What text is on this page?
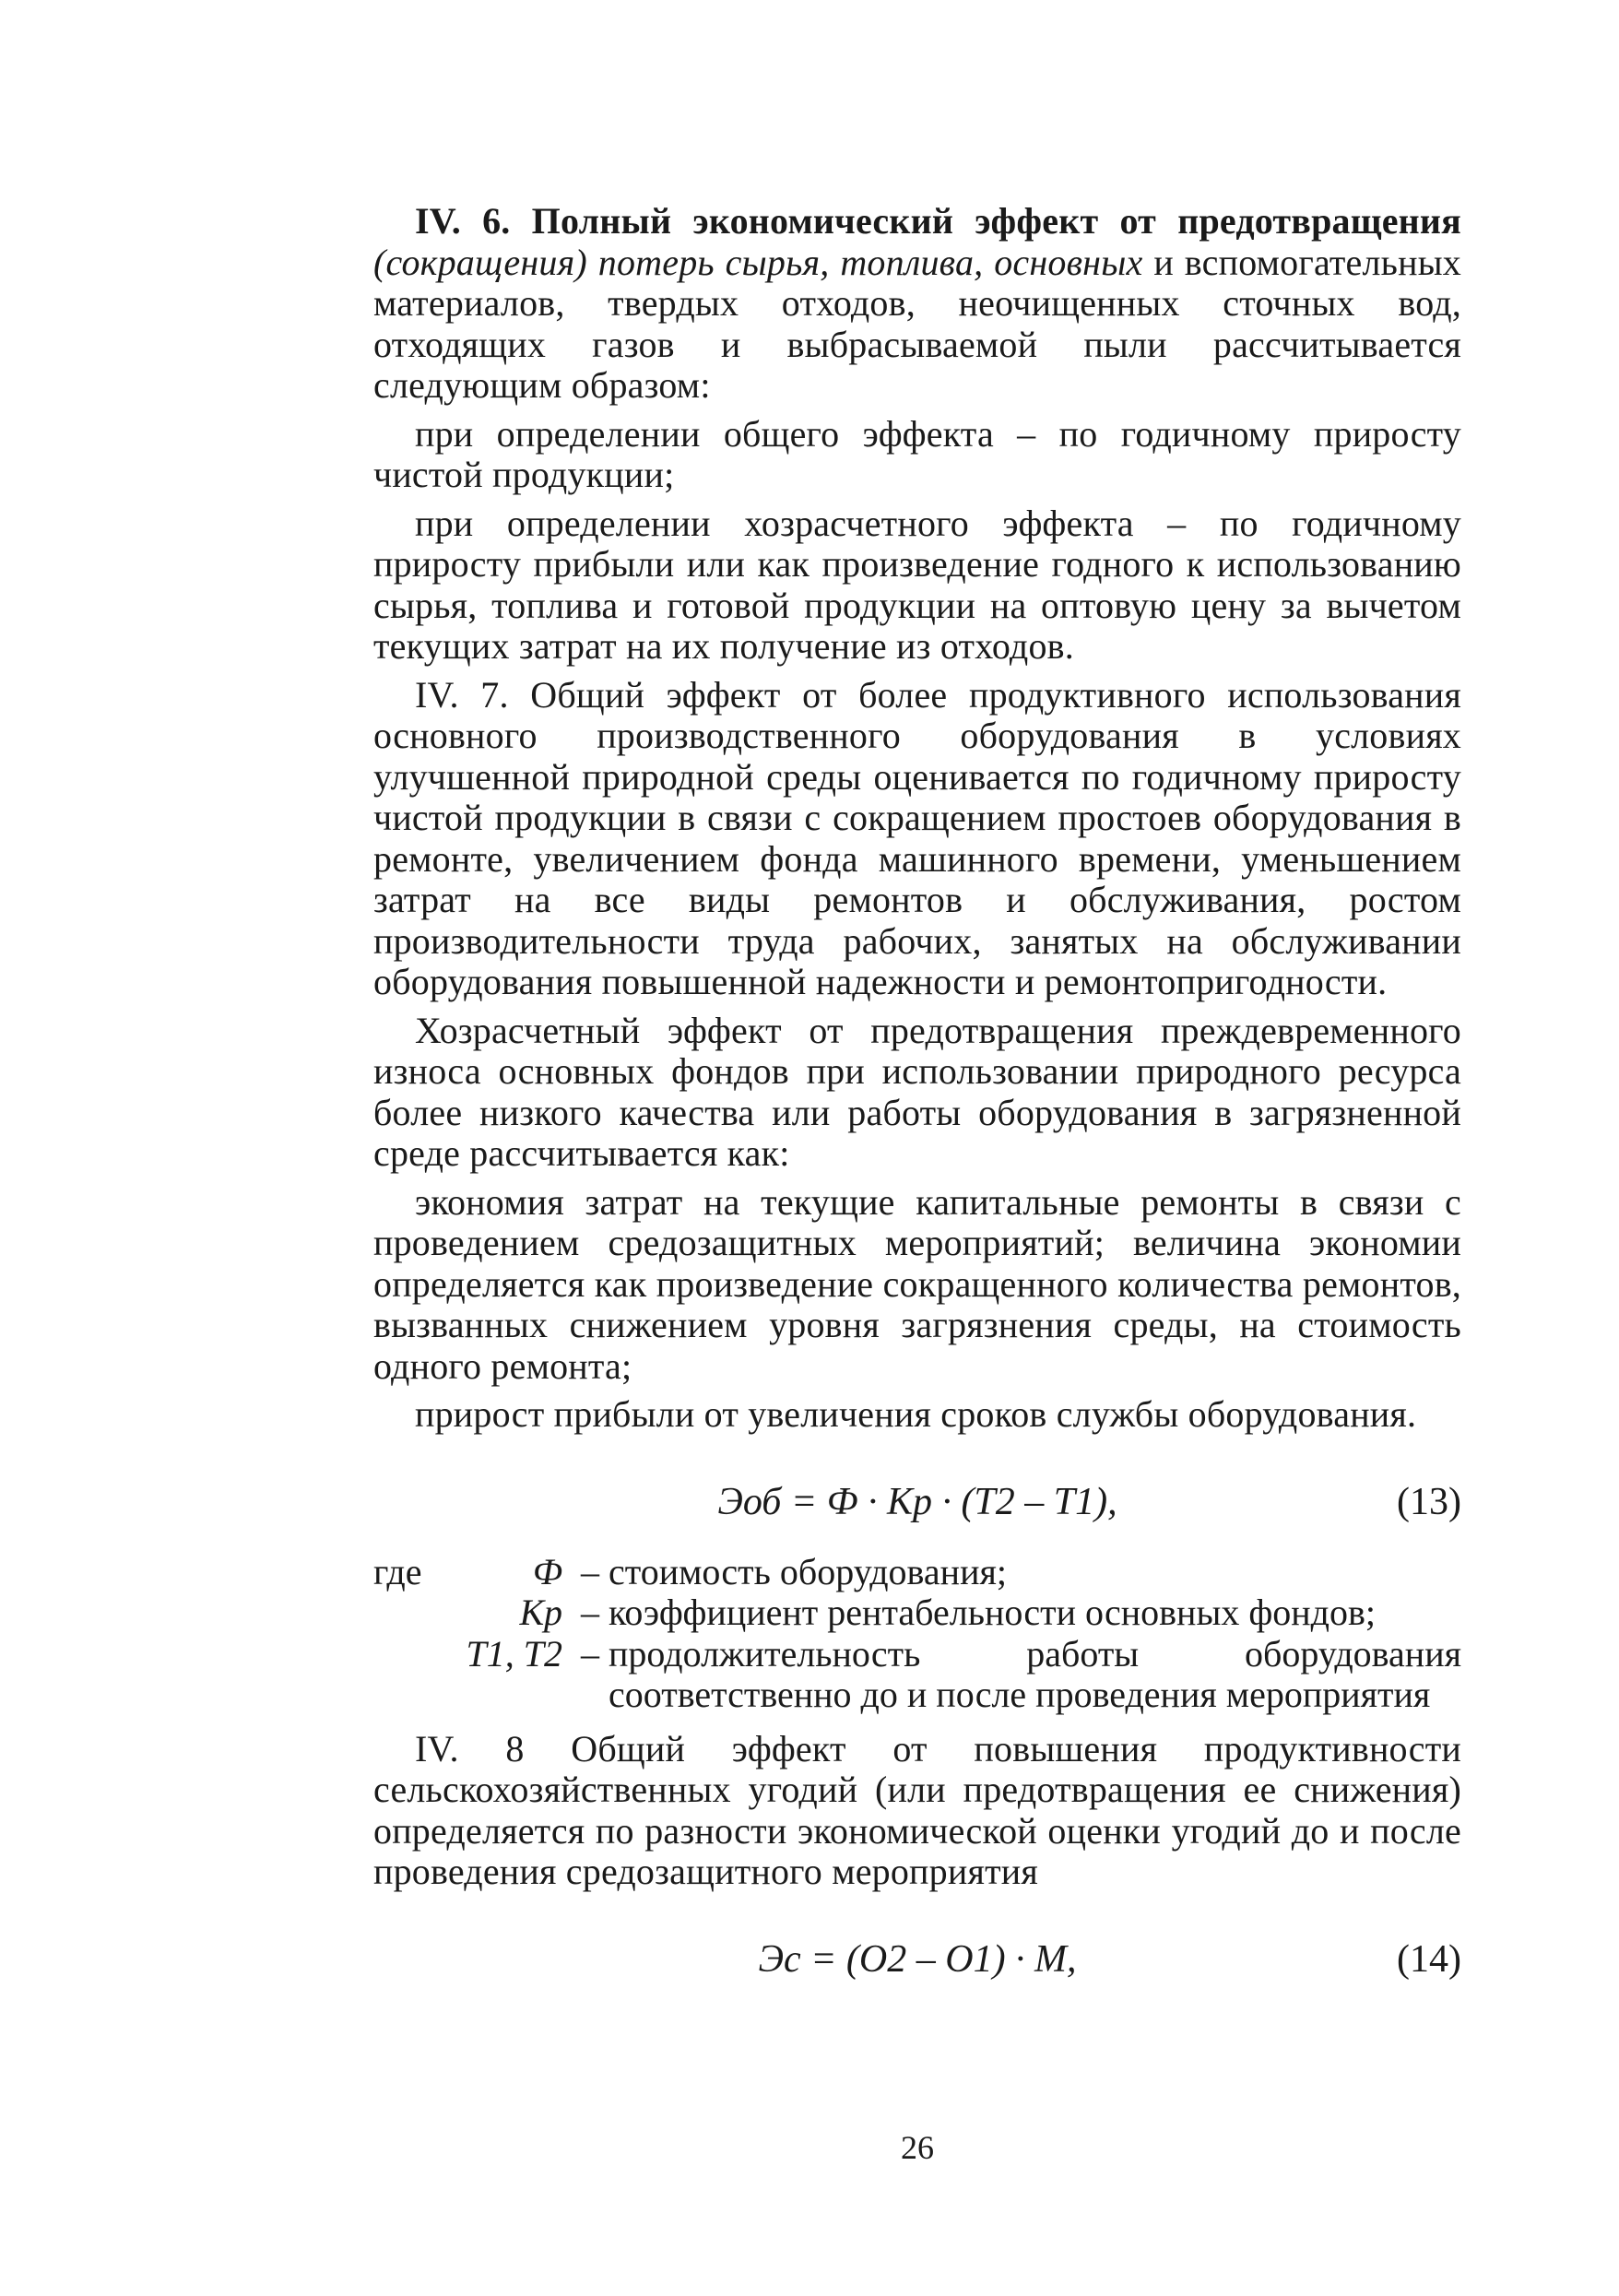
IV. 6. Полный экономический эффект от предотвращения (сокращения) потерь сырья, топлива, основных и вспомогательных материалов, твердых отходов, неочищенных сточных вод, отходящих газов и выбрасываемой пыли рассчитывается следующим образом:

при определении общего эффекта – по годичному приросту чистой продукции;

при определении хозрасчетного эффекта – по годичному приросту прибыли или как произведение годного к использованию сырья, топлива и готовой продукции на оптовую цену за вычетом текущих затрат на их получение из отходов.

IV. 7. Общий эффект от более продуктивного использования основного производственного оборудования в условиях улучшенной природной среды оценивается по годичному приросту чистой продукции в связи с сокращением простоев оборудования в ремонте, увеличением фонда машинного времени, уменьшением затрат на все виды ремонтов и обслуживания, ростом производительности труда рабочих, занятых на обслуживании оборудования повышенной надежности и ремонтопригодности.

Хозрасчетный эффект от предотвращения преждевременного износа основных фондов при использовании природного ресурса более низкого качества или работы оборудования в загрязненной среде рассчитывается как:

экономия затрат на текущие капитальные ремонты в связи с проведением средозащитных мероприятий; величина экономии определяется как произведение сокращенного количества ремонтов, вызванных снижением уровня загрязнения среды, на стоимость одного ремонта;

прирост прибыли от увеличения сроков службы оборудования.

Эоб = Ф · Кр · (Т2 – Т1),	(13)
где	Ф – стоимость оборудования;
Кр – коэффициент рентабельности основных фондов;
Т1, Т2 – продолжительность работы оборудования соответственно до и после проведения мероприятия

IV. 8 Общий эффект от повышения продуктивности сельскохозяйственных угодий (или предотвращения ее снижения) определяется по разности экономической оценки угодий до и после проведения средозащитного мероприятия

Эс = (О2 – О1) · М,	(14)
26
